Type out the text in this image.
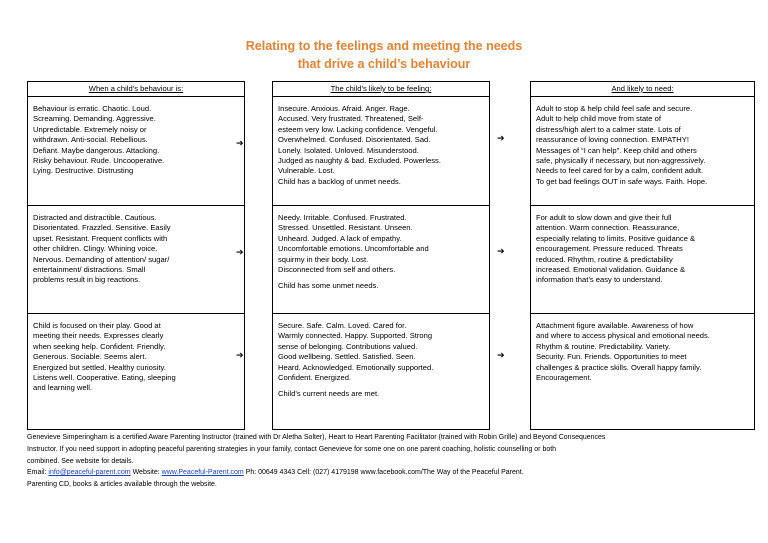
Relating to the feelings and meeting the needs
that drive a child’s behaviour
When a child’s behaviour is:

Behaviour is erratic. Chaotic. Loud.

Screaming. Demanding. Aggressive.

Unpredictable. Extremely noisy or

withdrawn. Anti-social. Rebellious.

Defiant. Maybe dangerous. Attacking.

Risky behaviour. Rude. Uncooperative.

Lying. Destructive. Distrusting

Distracted and distractible. Cautious.

Disorientated. Frazzled. Sensitive. Easily

upset. Resistant. Frequent conflicts with

other children. Clingy. Whining voice.

Nervous. Demanding of attention/ sugar/

entertainment/ distractions. Small

problems result in big reactions.

Child is focused on their play. Good at

meeting their needs. Expresses clearly

when seeking help. Confident. Friendly.

Generous. Sociable. Seems alert.

Energized but settled. Healthy curiosity.

Listens well. Cooperative. Eating, sleeping

and learning well.

The child’s likely to be feeling:

Insecure. Anxious. Afraid. Anger. Rage.

Accused. Very frustrated. Threatened, Self-

esteem very low. Lacking confidence. Vengeful.

Overwhelmed. Confused. Disorientated. Sad.

Lonely. Isolated. Unloved. Misunderstood.

Judged as naughty & bad. Excluded. Powerless.

Vulnerable. Lost.

Child has a backlog of unmet needs.

Needy. Irritable. Confused. Frustrated.

Stressed. Unsettled. Resistant. Unseen.

Unheard. Judged. A lack of empathy.

Uncomfortable emotions. Uncomfortable and

squirmy in their body. Lost.

Disconnected from self and others.

Child has some unmet needs.

Secure. Safe. Calm. Loved. Cared for.

Warmly connected. Happy. Supported. Strong

sense of belonging. Contributions valued.

Good wellbeing. Settled. Satisfied. Seen.

Heard. Acknowledged. Emotionally supported.

Confident. Energized.

Child’s current needs are met.

And likely to need:

Adult to stop & help child feel safe and secure.

Adult to help child move from state of

distress/high alert to a calmer state. Lots of

reassurance of loving connection. EMPATHY!

Messages of “I can help”. Keep child and others

safe, physically if necessary, but non-aggressively.

Needs to feel cared for by a calm, confident adult.

To get bad feelings OUT in safe ways. Faith. Hope.

For adult to slow down and give their full

attention. Warm connection. Reassurance,

especially relating to limits. Positive guidance &

encouragement. Pressure reduced. Threats

reduced. Rhythm, routine & predictability

increased. Emotional validation. Guidance &

information that’s easy to understand.

Attachment figure available. Awareness of how

and where to access physical and emotional needs.

Rhythm & routine. Predictability. Variety.

Security. Fun. Friends. Opportunities to meet

challenges & practice skills. Overall happy family.

Encouragement.

➔
➔
➔
➔
➔
➔
Genevieve Simperingham is a certified Aware Parenting Instructor (trained with Dr Aletha Solter), Heart to Heart Parenting Facilitator (trained with Robin Grille) and Beyond Consequences
Instructor. If you need support in adopting peaceful parenting strategies in your family, contact Genevieve for some one on one parent coaching, holistic counselling or both
combined. See website for details.
Email: info@peaceful-parent.com Website: www.Peaceful-Parent.com Ph: 00649 4343 Cell: (027) 4179198 www.facebook.com/The Way of the Peaceful Parent.
Parenting CD, books & articles available through the website.
